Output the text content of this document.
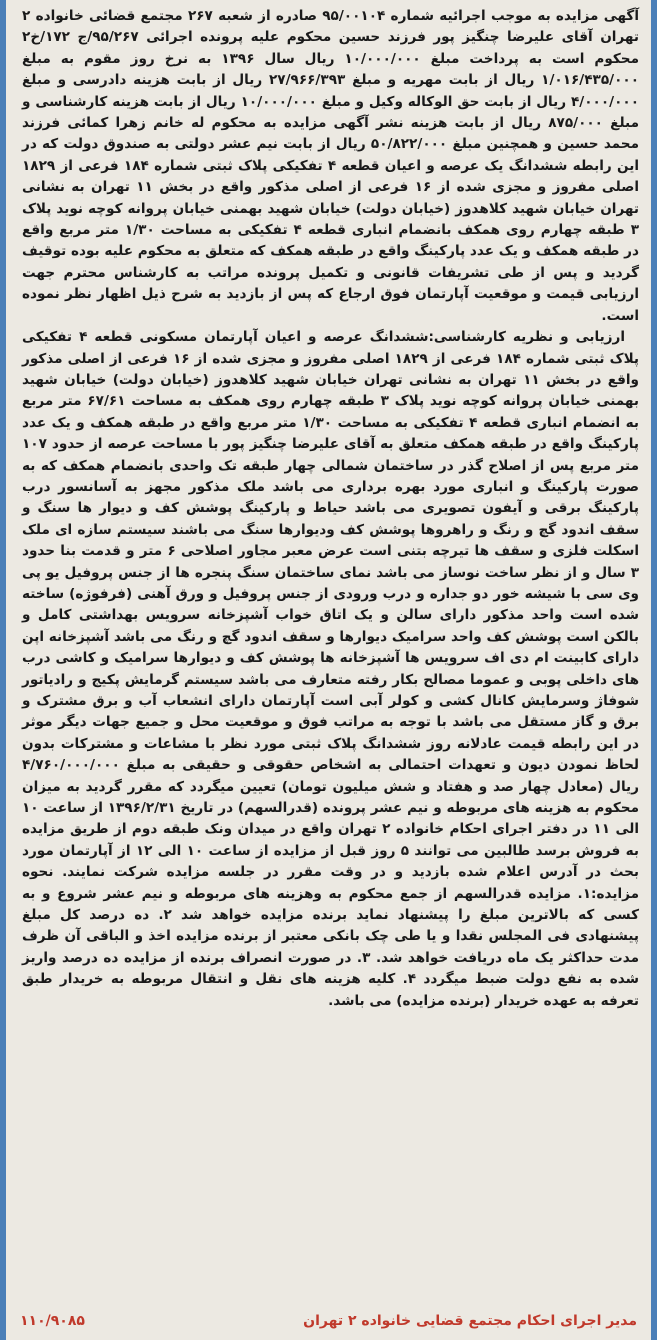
آگهی مزایده به موجب اجرائیه شماره ۹۵/۰۰۱۰۴ صادره از شعبه ۲۶۷ مجتمع قضائی خانواده ۲ تهران آقای علیرضا چنگیز پور فرزند حسین محکوم علیه پرونده اجرائی ۹۵/۲۶۷/ج ۱۷۲/خ۲ محکوم است به پرداخت مبلغ ۱۰/۰۰۰/۰۰۰ ریال سال ۱۳۹۶ به نرخ روز مقوم به مبلغ ۱/۰۱۶/۴۳۵/۰۰۰ ریال از بابت مهریه و مبلغ ۲۷/۹۶۶/۳۹۳ ریال از بابت هزینه دادرسی و مبلغ ۴/۰۰۰/۰۰۰ ریال از بابت حق الوکاله وکیل و مبلغ ۱۰/۰۰۰/۰۰۰ ریال از بابت هزینه کارشناسی و مبلغ ۸۷۵/۰۰۰ ریال از بابت هزینه نشر آگهی مزایده به محکوم له خانم زهرا کمائی فرزند محمد حسین و همچنین مبلغ ۵۰/۸۲۲/۰۰۰ ریال از بابت نیم عشر دولتی به صندوق دولت که در این رابطه ششدانگ یک عرصه و اعیان قطعه ۴ تفکیکی پلاک ثبتی شماره ۱۸۴ فرعی از ۱۸۲۹ اصلی مفروز و مجزی شده از ۱۶ فرعی از اصلی مذکور واقع در بخش ۱۱ تهران به نشانی تهران خیابان شهید کلاهدوز (خیابان دولت) خیابان شهید بهمنی خیابان پروانه کوچه نوید پلاک ۳ طبقه چهارم روی همکف بانضمام انباری قطعه ۴ تفکیکی به مساحت ۱/۳۰ متر مربع واقع در طبقه همکف و یک عدد پارکینگ واقع در طبقه همکف که متعلق به محکوم علیه بوده توقیف گردید و پس از طی تشریفات قانونی و تکمیل پرونده مراتب به کارشناس محترم جهت ارزیابی قیمت و موقعیت آپارتمان فوق ارجاع که پس از بازدید به شرح ذیل اظهار نظر نموده است.

ارزیابی و نظریه کارشناسی:ششدانگ عرصه و اعیان آپارتمان مسکونی قطعه ۴ تفکیکی پلاک ثبتی شماره ۱۸۴ فرعی از ۱۸۲۹ اصلی مفروز و مجزی شده از ۱۶ فرعی از اصلی مذکور واقع در بخش ۱۱ تهران به نشانی تهران خیابان شهید کلاهدوز (خیابان دولت) خیابان شهید بهمنی خیابان پروانه کوچه نوید پلاک ۳ طبقه چهارم روی همکف به مساحت ۶۷/۶۱ متر مربع به انضمام انباری قطعه ۴ تفکیکی به مساحت ۱/۳۰ متر مربع واقع در طبقه همکف و یک عدد پارکینگ واقع در طبقه همکف متعلق به آقای علیرضا چنگیز پور با مساحت عرصه از حدود ۱۰۷ متر مربع پس از اصلاح گذر در ساختمان شمالی چهار طبقه تک واحدی بانضمام همکف که به صورت پارکینگ و انباری مورد بهره برداری می باشد ملک مذکور مجهز به آسانسور درب پارکینگ برقی و آیفون تصویری می باشد حیاط و پارکینگ پوشش کف و دیوار ها سنگ و سقف اندود گچ و رنگ و راهروها پوشش کف ودیوارها سنگ می باشند سیستم سازه ای ملک اسکلت فلزی و سقف ها تیرچه بتنی است عرض معبر مجاور اصلاحی ۶ متر و قدمت بنا حدود ۳ سال و از نظر ساخت نوساز می باشد نمای ساختمان سنگ پنجره ها از جنس پروفیل یو پی وی سی با شیشه خور دو جداره و درب ورودی از جنس پروفیل و ورق آهنی (فرفوژه) ساخته شده است واحد مذکور دارای سالن و یک اتاق خواب آشپزخانه سرویس بهداشتی کامل و بالکن است پوشش کف واحد سرامیک دیوارها و سقف اندود گچ و رنگ می باشد آشپزخانه اپن دارای کابینت ام دی اف سرویس ها آشپزخانه ها پوشش کف و دیوارها سرامیک و کاشی درب های داخلی پوبی و عموما مصالح بکار رفته متعارف می باشد سیستم گرمایش پکیج و رادیاتور شوفاژ وسرمایش کانال کشی و کولر آبی است آپارتمان دارای انشعاب آب و برق مشترک و برق و گاز مستقل می باشد با توجه به مراتب فوق و موقعیت محل و جمیع جهات دیگر موثر در این رابطه قیمت عادلانه روز ششدانگ پلاک ثبتی مورد نظر با مشاعات و مشترکات بدون لحاظ نمودن دیون و تعهدات احتمالی به اشخاص حقوقی و حقیقی به مبلغ ۴/۷۶۰/۰۰۰/۰۰۰ ریال (معادل چهار صد و هفتاد و شش میلیون تومان) تعیین میگردد که مقرر گردید به میزان محکوم به هزینه های مربوطه و نیم عشر پرونده (قدرالسهم) در تاریخ ۱۳۹۶/۲/۳۱ از ساعت ۱۰ الی ۱۱ در دفتر اجرای احکام خانواده ۲ تهران واقع در میدان ونک طبقه دوم از طریق مزایده به فروش برسد طالبین می توانند ۵ روز قبل از مزایده از ساعت ۱۰ الی ۱۲ از آپارتمان مورد بحث در آدرس اعلام شده بازدید و در وقت مقرر در جلسه مزایده شرکت نمایند. نحوه مزایده:۱. مزایده قدرالسهم از جمع محکوم به وهزینه های مربوطه و نیم عشر شروع و به کسی که بالاترین مبلغ را پیشنهاد نماید برنده مزایده خواهد شد ۲. ده درصد کل مبلغ پیشنهادی فی المجلس نقدا و یا طی چک بانکی معتبر از برنده مزایده اخذ و الباقی آن ظرف مدت حداکثر یک ماه دریافت خواهد شد. ۳. در صورت انصراف برنده از مزایده ده درصد واریز شده به نفع دولت ضبط میگردد ۴. کلیه هزینه های نقل و انتقال مربوطه به خریدار طبق تعرفه به عهده خریدار (برنده مزایده) می باشد.

۱۱۰/۹۰۸۵	مدیر اجرای احکام مجتمع قضایی خانواده ۲ تهران
